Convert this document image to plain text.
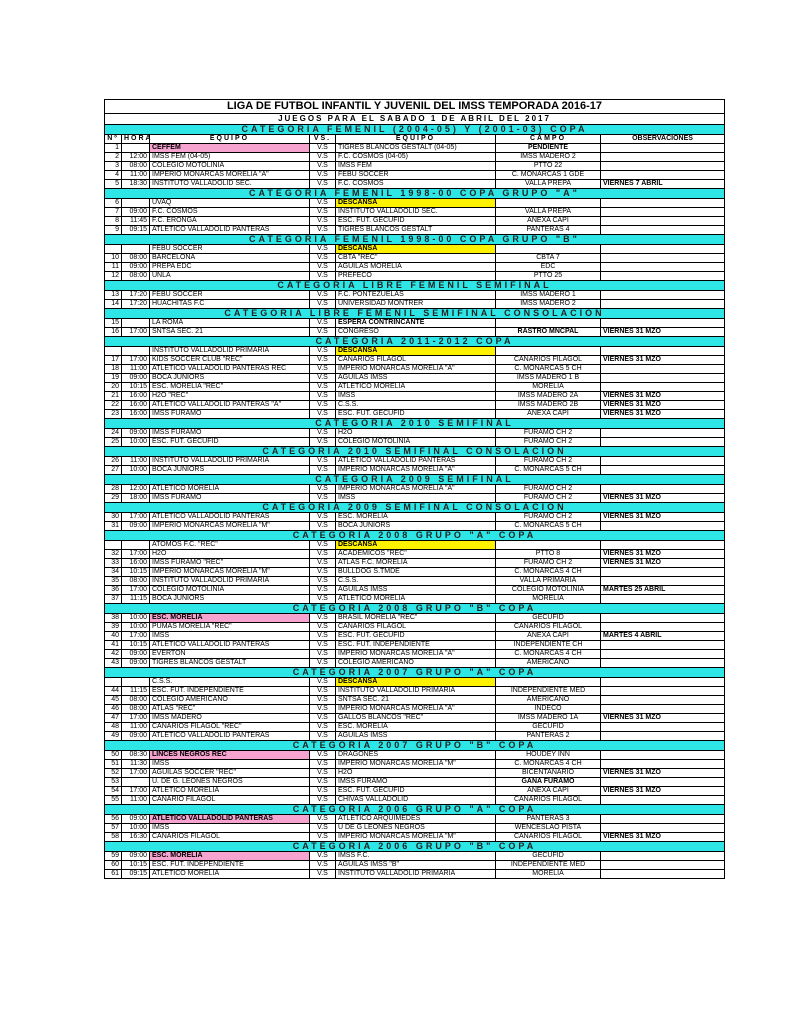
LIGA DE FUTBOL INFANTIL Y JUVENIL DEL IMSS TEMPORADA 2016-17						
JUEGOS PARA EL SABADO 1 DE ABRIL DEL 2017						
CATEGORIA FEMENIL (2004-05) Y (2001-03) COPA						
Nº	HORA	EQUIPO	VS.	EQUIPO	CAMPO	OBSERVACIONES
1		CEFFEM	V.S	TIGRES BLANCOS GESTALT (04-05)	PENDIENTE	
2	12:00	IMSS FEM (04-05)	V.S	F.C. COSMOS (04-05)	IMSS MADERO 2	
3	08:00	COLEGIO MOTOLINIA	V.S	IMSS FEM	PTTO 22	
4	11:00	IMPERIO MONARCAS MORELIA "A"	V.S	FEBU SOCCER	C. MONARCAS 1 GDE	
5	18:30	INSTITUTO VALLADOLID SEC.	V.S	F.C. COSMOS	VALLA PREPA	VIERNES 7 ABRIL
CATEGORIA FEMENIL 1998-00 COPA GRUPO "A"						
6		UVAQ	V.S	DESCANSA		
7	09:00	F.C. COSMOS	V.S	INSTITUTO VALLADOLID SEC.	VALLA PREPA	
8	11:45	F.C. ERONGA	V.S	ESC. FUT. GECUFID	ANEXA CAPI	
9	09:15	ATLETICO VALLADOLID PANTERAS	V.S	TIGRES BLANCOS GESTALT	PANTERAS 4	
CATEGORIA FEMENIL 1998-00 COPA GRUPO "B"						
		FEBU SOCCER	V.S	DESCANSA		
10	08:00	BARCELONA	V.S	CBTA "REC"	CBTA 7	
11	09:00	PREPA EDC	V.S	AGUILAS MORELIA	EDC	
12	08:00	UNLA	V.S	PREFECO	PTTO 25	
CATEGORIA LIBRE FEMENIL SEMIFINAL						
13	17:20	FEBU SOCCER	V.S	F.C. PONTEZUELAS	IMSS MADERO 1	
14	17:20	HUACHITAS F.C	V.S	UNIVERSIDAD MONTRER	IMSS MADERO 2	
CATEGORIA LIBRE FEMENIL SEMIFINAL CONSOLACION						
15		LA ROMA	V.S	ESPERA CONTRINCANTE		
16	17:00	SNTSA SEC. 21	V.S	CONGRESO	RASTRO MNCPAL	VIERNES 31 MZO
CATEGORIA 2011-2012 COPA						
		INSTITUTO VALLADOLID PRIMARIA	V.S	DESCANSA		
17	17:00	KIDS SOCCER CLUB "REC"	V.S	CANARIOS FILAGOL	CANARIOS FILAGOL	VIERNES 31 MZO
18	11:00	ATLETICO VALLADOLID PANTERAS REC	V.S	IMPERIO MONARCAS MORELIA "A"	C. MONARCAS 5 CH	
19	09:00	BOCA JUNIORS	V.S	AGUILAS IMSS	IMSS MADERO 1 B	
20	10:15	ESC. MORELIA "REC"	V.S	ATLETICO MORELIA	MORELIA	
21	16:00	H2O "REC"	V.S	IMSS	IMSS MADERO 2A	VIERNES 31 MZO
22	16:00	ATLETICO VALLADOLID PANTERAS "A"	V.S	C.S.S.	IMSS MADERO 2B	VIERNES 31 MZO
23	16:00	IMSS FURAMO	V.S	ESC. FUT. GECUFID	ANEXA CAPI	VIERNES 31 MZO
CATEGORIA 2010 SEMIFINAL						
24	09:00	IMSS FURAMO	V.S	H2O	FURAMO CH 2	
25	10:00	ESC. FUT. GECUFID	V.S	COLEGIO MOTOLINIA	FURAMO CH 2	
CATEGORIA 2010 SEMIFINAL CONSOLACION						
26	11:00	INSTITUTO VALLADOLID PRIMARIA	V.S	ATLETICO VALLADOLID PANTERAS	FURAMO CH 2	
27	10:00	BOCA JUNIORS	V.S	IMPERIO MONARCAS MORELIA "A"	C. MONARCAS 5 CH	
CATEGORIA 2009 SEMIFINAL						
28	12:00	ATLETICO MORELIA	V.S	IMPERIO MONARCAS MORELIA "A"	FURAMO CH 2	
29	18:00	IMSS FURAMO	V.S	IMSS	FURAMO CH 2	VIERNES 31 MZO
CATEGORIA 2009 SEMIFINAL CONSOLACION						
30	17:00	ATLETICO VALLADOLID PANTERAS	V.S	ESC. MORELIA	FURAMO CH 2	VIERNES 31 MZO
31	09:00	IMPERIO MONARCAS MORELIA "M"	V.S	BOCA JUNIORS	C. MONARCAS 5 CH	
CATEGORIA 2008 GRUPO "A" COPA						
		ATOMOS F.C. "REC"	V.S	DESCANSA		
32	17:00	H2O	V.S	ACADEMICOS "REC"	PTTO 8	VIERNES 31 MZO
33	16:00	IMSS FURAMO "REC"	V.S	ATLAS F.C. MORELIA	FURAMO CH 2	VIERNES 31 MZO
34	10:15	IMPERIO MONARCAS MORELIA "M"	V.S	BULLDOG S.TMDE	C. MONARCAS 4 CH	
35	08:00	INSTITUTO VALLADOLID PRIMARIA	V.S	C.S.S.	VALLA PRIMARIA	
36	17:00	COLEGIO MOTOLINIA	V.S	AGUILAS IMSS	COLEGIO MOTOLINIA	MARTES 25 ABRIL
37	11:15	BOCA JUNIORS	V.S	ATLETICO MORELIA	MORELIA	
CATEGORIA 2008 GRUPO "B" COPA						
38	10:00	ESC. MORELIA	V.S	BRASIL MORELIA "REC"	GECUFID	
39	10:00	PUMAS MORELIA "REC"	V.S	CANARIOS FILAGOL	CANARIOS FILAGOL	
40	17:00	IMSS	V.S	ESC. FUT. GECUFID	ANEXA CAPI	MARTES 4 ABRIL
41	10:15	ATLETICO VALLADOLID PANTERAS	V.S	ESC. FUT. INDEPENDIENTE	INDEPENDIENTE CH	
42	09:00	EVERTON	V.S	IMPERIO MONARCAS MORELIA "A"	C. MONARCAS 4 CH	
43	09:00	TIGRES BLANCOS GESTALT	V.S	COLEGIO AMERICANO	AMERICANO	
CATEGORIA 2007 GRUPO "A" COPA						
		C.S.S.	V.S	DESCANSA		
44	11:15	ESC. FUT. INDEPENDIENTE	V.S	INSTITUTO VALLADOLID PRIMARIA	INDEPENDIENTE MED	
45	08:00	COLEGIO AMERICANO	V.S	SNTSA SEC. 21	AMERICANO	
46	08:00	ATLAS "REC"	V.S	IMPERIO MONARCAS MORELIA "A"	INDECO	
47	17:00	IMSS MADERO	V.S	GALLOS BLANCOS "REC"	IMSS MADERO 1A	VIERNES 31 MZO
48	11:00	CANARIOS FILAGOL "REC"	V.S	ESC. MORELIA	GECUFID	
49	09:00	ATLETICO VALLADOLID PANTERAS	V.S	AGUILAS IMSS	PANTERAS 2	
CATEGORIA 2007 GRUPO "B" COPA						
50	08:30	LINCES NEGROS REC	V.S	DRAGONES	HOUDEY INN	
51	11:30	IMSS	V.S	IMPERIO MONARCAS MORELIA "M"	C. MONARCAS 4 CH	
52	17:00	AGUILAS SOCCER "REC"	V.S	H2O	BICENTANARIO	VIERNES 31 MZO
53		U. DE G. LEONES NEGROS	V.S	IMSS FURAMO	GANA FURAMO	
54	17:00	ATLETICO MORELIA	V.S	ESC. FUT. GECUFID	ANEXA CAPI	VIERNES 31 MZO
55	11:00	CANARIO FILAGOL	V.S	CHIVAS VALLADOLID	CANARIOS FILAGOL	
CATEGORIA 2006 GRUPO "A" COPA						
56	09:00	ATLETICO VALLADOLID PANTERAS	V.S	ATLETICO ARQUIMEDES	PANTERAS 3	
57	10:00	IMSS	V.S	U DE G LEONES NEGROS	WENCESLAO PISTA	
58	16:30	CANARIOS FILAGOL	V.S	IMPERIO MONARCAS MORELIA "M"	CANARIOS FILAGOL	VIERNES 31 MZO
CATEGORIA 2006 GRUPO "B" COPA						
59	09:00	ESC. MORELIA	V.S	IMSS F.C.	GECUFID	
60	10:15	ESC. FUT. INDEPENDIENTE	V.S	AGUILAS IMSS "B"	INDEPENDIENTE MED	
61	09:15	ATLETICO MORELIA	V.S	INSTITUTO VALLADOLID PRIMARIA	MORELIA	
